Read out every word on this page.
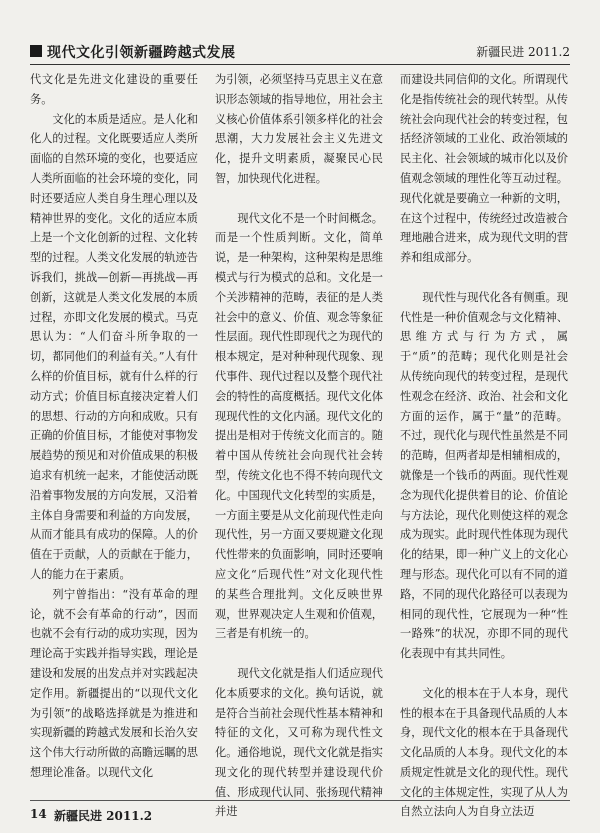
现代文化引领新疆跨越式发展	新疆民进 2011.2

代文化是先进文化建设的重要任务。

文化的本质是适应。是人化和化人的过程。文化既要适应人类所面临的自然环境的变化，也要适应人类所面临的社会环境的变化，同时还要适应人类自身生理心理以及精神世界的变化。文化的适应本质上是一个文化创新的过程、文化转型的过程。人类文化发展的轨迹告诉我们，挑战—创新—再挑战—再创新，这就是人类文化发展的本质过程，亦即文化发展的模式。马克思认为：“人们奋斗所争取的一切，都同他们的利益有关。”人有什么样的价值目标，就有什么样的行动方式；价值目标直接决定着人们的思想、行动的方向和成败。只有正确的价值目标，才能使对事物发展趋势的预见和对价值成果的积极追求有机统一起来，才能使活动既沿着事物发展的方向发展，又沿着主体自身需要和利益的方向发展，从而才能具有成功的保障。人的价值在于贡献，人的贡献在于能力，人的能力在于素质。

列宁曾指出：“没有革命的理论，就不会有革命的行动”，因而也就不会有行动的成功实现，因为理论高于实践并指导实践，理论是建设和发展的出发点并对实践起决定作用。新疆提出的“以现代文化为引领”的战略选择就是为推进和实现新疆的跨越式发展和长治久安这个伟大行动所做的高瞻远瞩的思想理论准备。以现代文化

为引领，必须坚持马克思主义在意识形态领域的指导地位，用社会主义核心价值体系引领多样化的社会思潮，大力发展社会主义先进文化，提升文明素质，凝聚民心民智，加快现代化进程。

现代文化不是一个时间概念。而是一个性质判断。文化，简单说，是一种架构，这种架构是思维模式与行为模式的总和。文化是一个关涉精神的范畴，表征的是人类社会中的意义、价值、观念等象征性层面。现代性即现代之为现代的根本规定，是对种种现代现象、现代事件、现代过程以及整个现代社会的特性的高度概括。现代文化体现现代性的文化内涵。现代文化的提出是相对于传统文化而言的。随着中国从传统社会向现代社会转型，传统文化也不得不转向现代文化。中国现代文化转型的实质是，一方面主要是从文化前现代性走向现代性，另一方面又要规避文化现代性带来的负面影响，同时还要响应文化“后现代性”对文化现代性的某些合理批判。文化反映世界观，世界观决定人生观和价值观，三者是有机统一的。

现代文化就是指人们适应现代化本质要求的文化。换句话说，就是符合当前社会现代性基本精神和特征的文化，又可称为现代性文化。通俗地说，现代文化就是指实现文化的现代转型并建设现代价值、形成现代认同、张扬现代精神并进

而建设共同信仰的文化。所谓现代化是指传统社会的现代转型。从传统社会向现代社会的转变过程，包括经济领域的工业化、政治领域的民主化、社会领域的城市化以及价值观念领域的理性化等互动过程。现代化就是要确立一种新的文明，在这个过程中，传统经过改造被合理地融合进来，成为现代文明的营养和组成部分。

现代性与现代化各有侧重。现代性是一种价值观念与文化精神、思维方式与行为方式，属于“质”的范畴；现代化则是社会从传统向现代的转变过程，是现代性观念在经济、政治、社会和文化方面的运作，属于“量”的范畴。不过，现代化与现代性虽然是不同的范畴，但两者却是相辅相成的，就像是一个钱币的两面。现代性观念为现代化提供着目的论、价值论与方法论，现代化则使这样的观念成为现实。此时现代性体现为现代化的结果，即一种广义上的文化心理与形态。现代化可以有不同的道路，不同的现代化路径可以表现为相同的现代性，它展现为一种“性一路殊”的状况，亦即不同的现代化表现中有其共同性。

文化的根本在于人本身，现代性的根本在于具备现代品质的人本身，现代文化的根本在于具备现代文化品质的人本身。现代文化的本质规定性就是文化的现代性。现代文化的主体规定性，实现了从人为自然立法向人为自身立法迈

14 新疆民进 2011.2
